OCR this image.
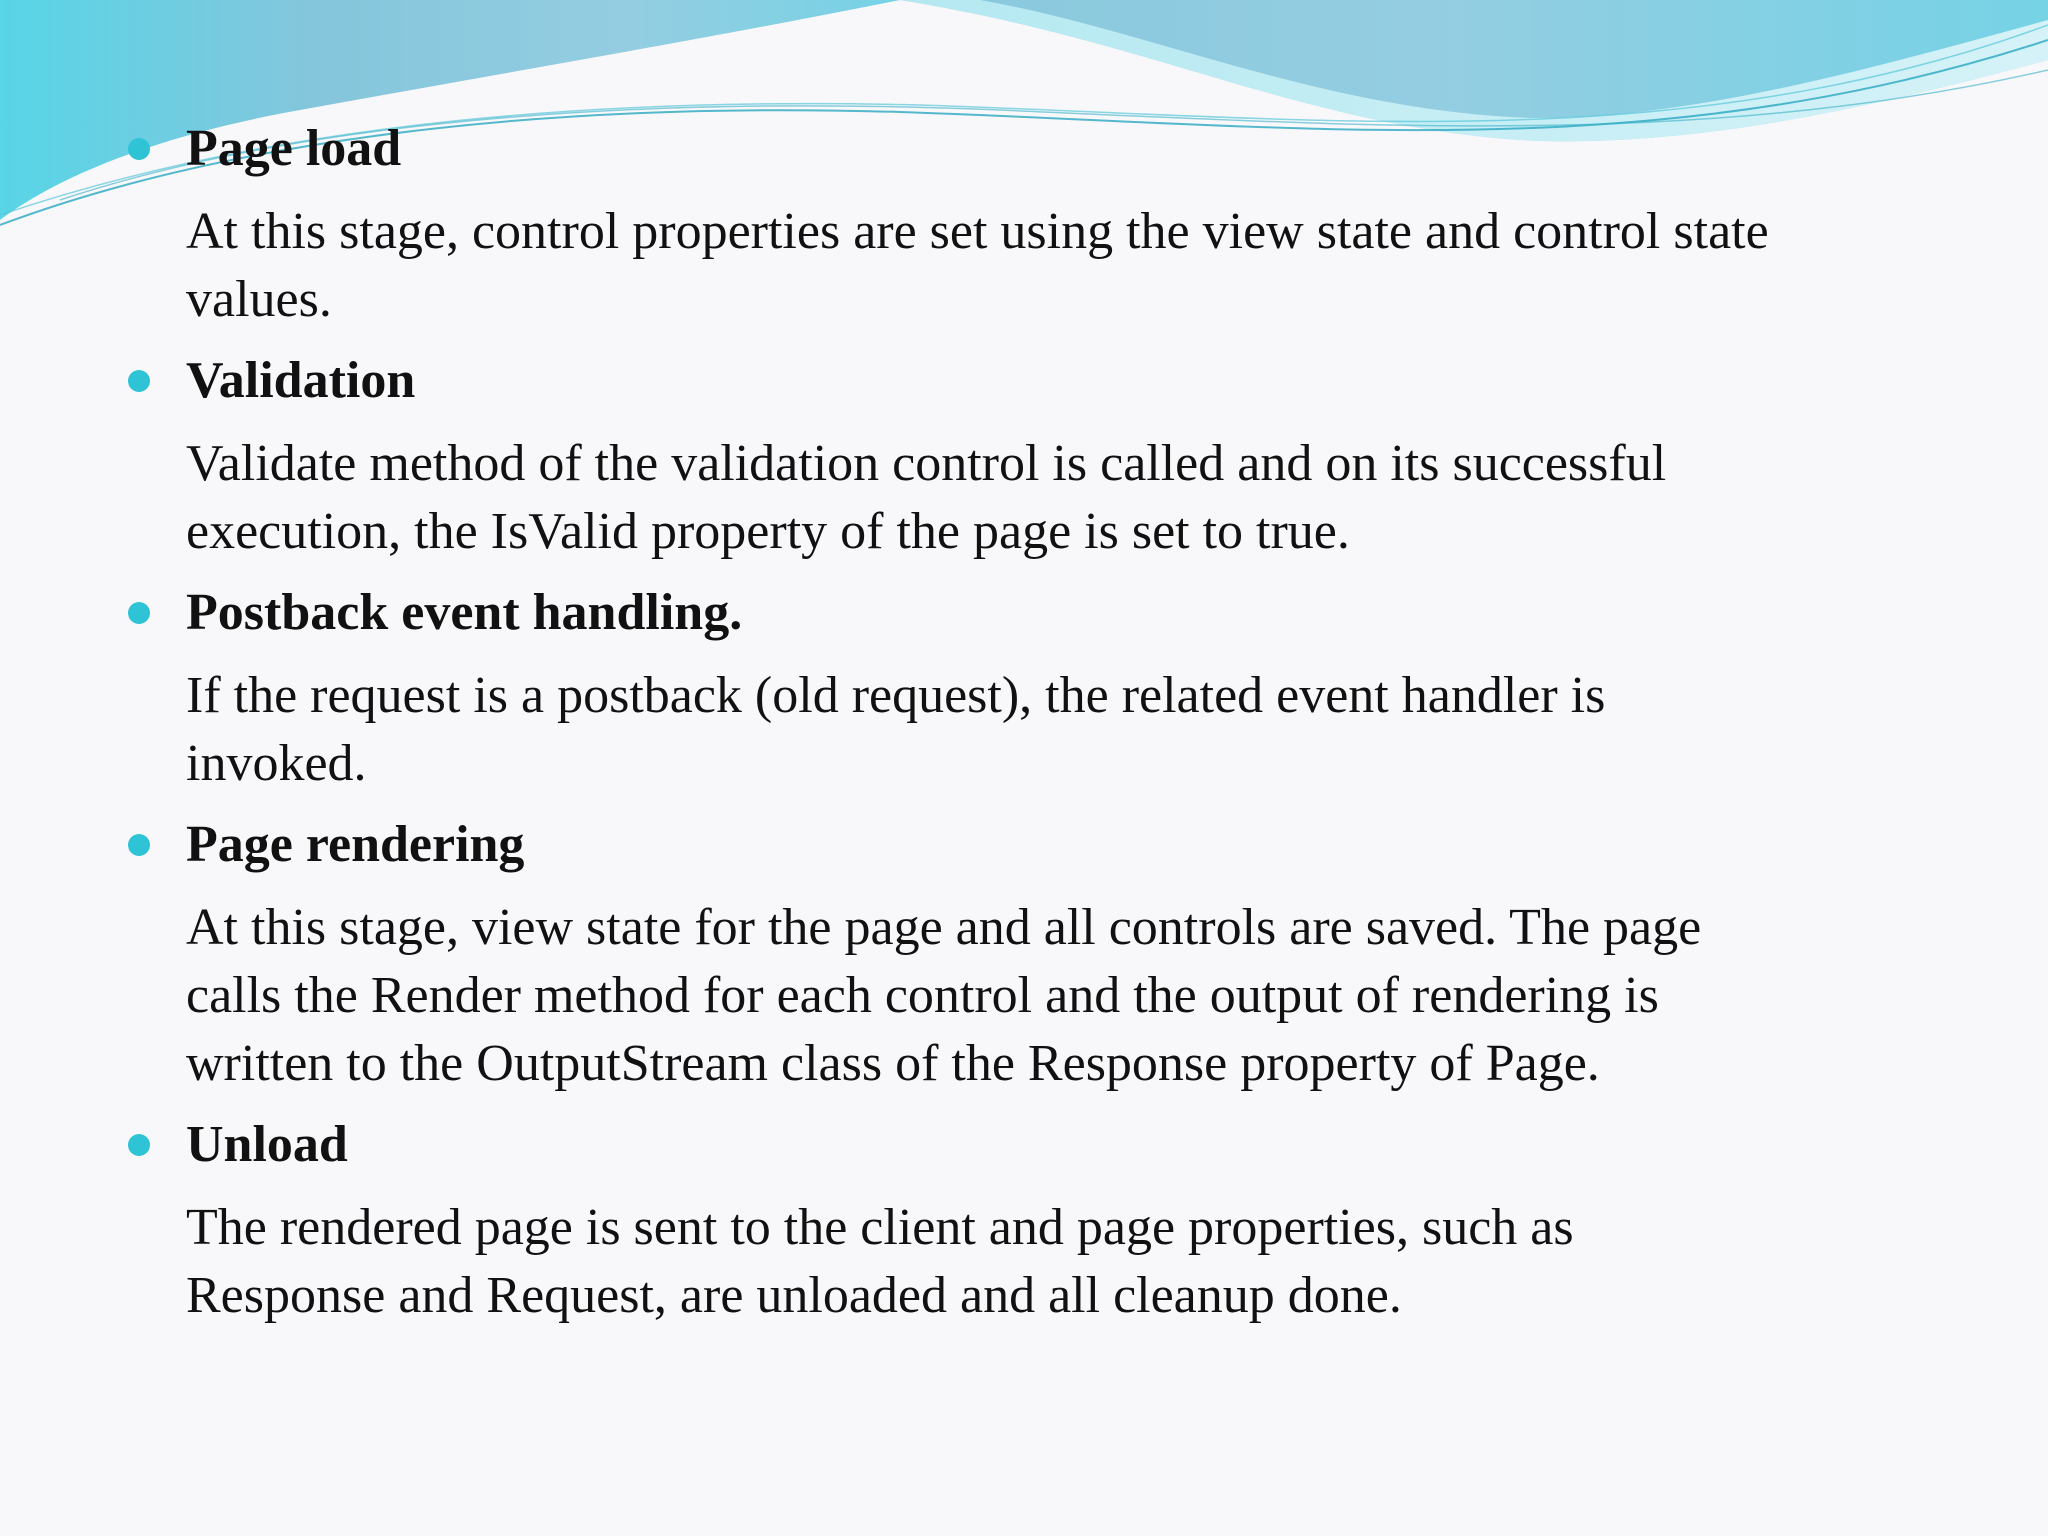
Page load
At this stage, control properties are set using the view state and control state
values.
Validation
Validate method of the validation control is called and on its successful
execution, the IsValid property of the page is set to true.
Postback event handling.
If the request is a postback (old request), the related event handler is
invoked.
Page rendering
At this stage, view state for the page and all controls are saved. The page
calls the Render method for each control and the output of rendering is
written to the OutputStream class of the Response property of Page.
Unload
The rendered page is sent to the client and page properties, such as
Response and Request, are unloaded and all cleanup done.
